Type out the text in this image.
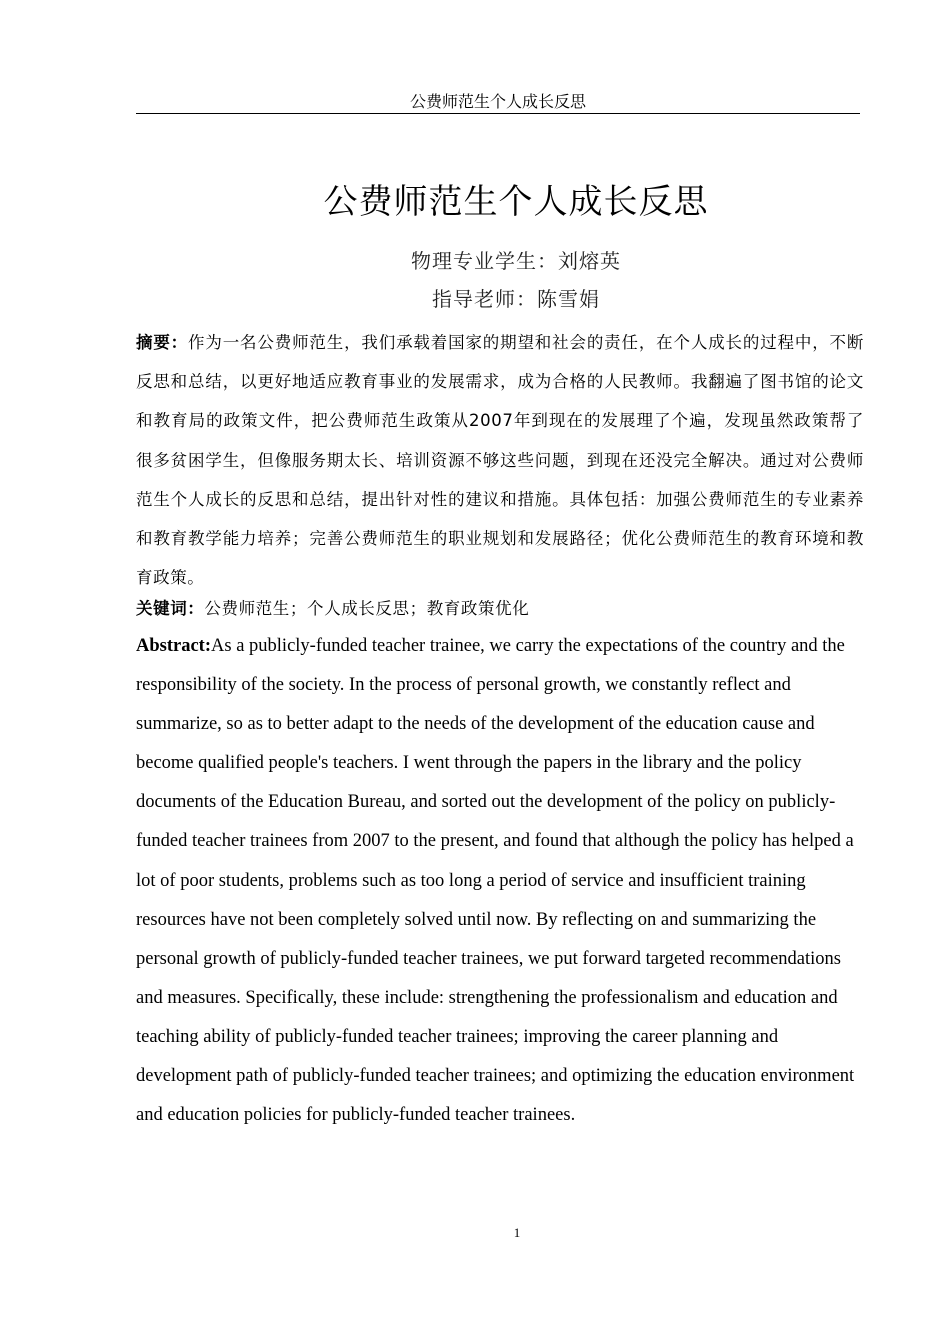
公费师范生个人成长反思
公费师范生个人成长反思
物理专业学生：刘熔英
指导老师：陈雪娟
摘要：作为一名公费师范生，我们承载着国家的期望和社会的责任，在个人成长的过程中，不断反思和总结，以更好地适应教育事业的发展需求，成为合格的人民教师。我翻遍了图书馆的论文和教育局的政策文件，把公费师范生政策从2007年到现在的发展理了个遍，发现虽然政策帮了很多贫困学生，但像服务期太长、培训资源不够这些问题，到现在还没完全解决。通过对公费师范生个人成长的反思和总结，提出针对性的建议和措施。具体包括：加强公费师范生的专业素养和教育教学能力培养；完善公费师范生的职业规划和发展路径；优化公费师范生的教育环境和教育政策。
关键词：公费师范生；个人成长反思；教育政策优化
Abstract:As a publicly-funded teacher trainee, we carry the expectations of the country and the responsibility of the society. In the process of personal growth, we constantly reflect and summarize, so as to better adapt to the needs of the development of the education cause and become qualified people's teachers. I went through the papers in the library and the policy documents of the Education Bureau, and sorted out the development of the policy on publicly-funded teacher trainees from 2007 to the present, and found that although the policy has helped a lot of poor students, problems such as too long a period of service and insufficient training resources have not been completely solved until now. By reflecting on and summarizing the personal growth of publicly-funded teacher trainees, we put forward targeted recommendations and measures. Specifically, these include: strengthening the professionalism and education and teaching ability of publicly-funded teacher trainees; improving the career planning and development path of publicly-funded teacher trainees; and optimizing the education environment and education policies for publicly-funded teacher trainees.
1
